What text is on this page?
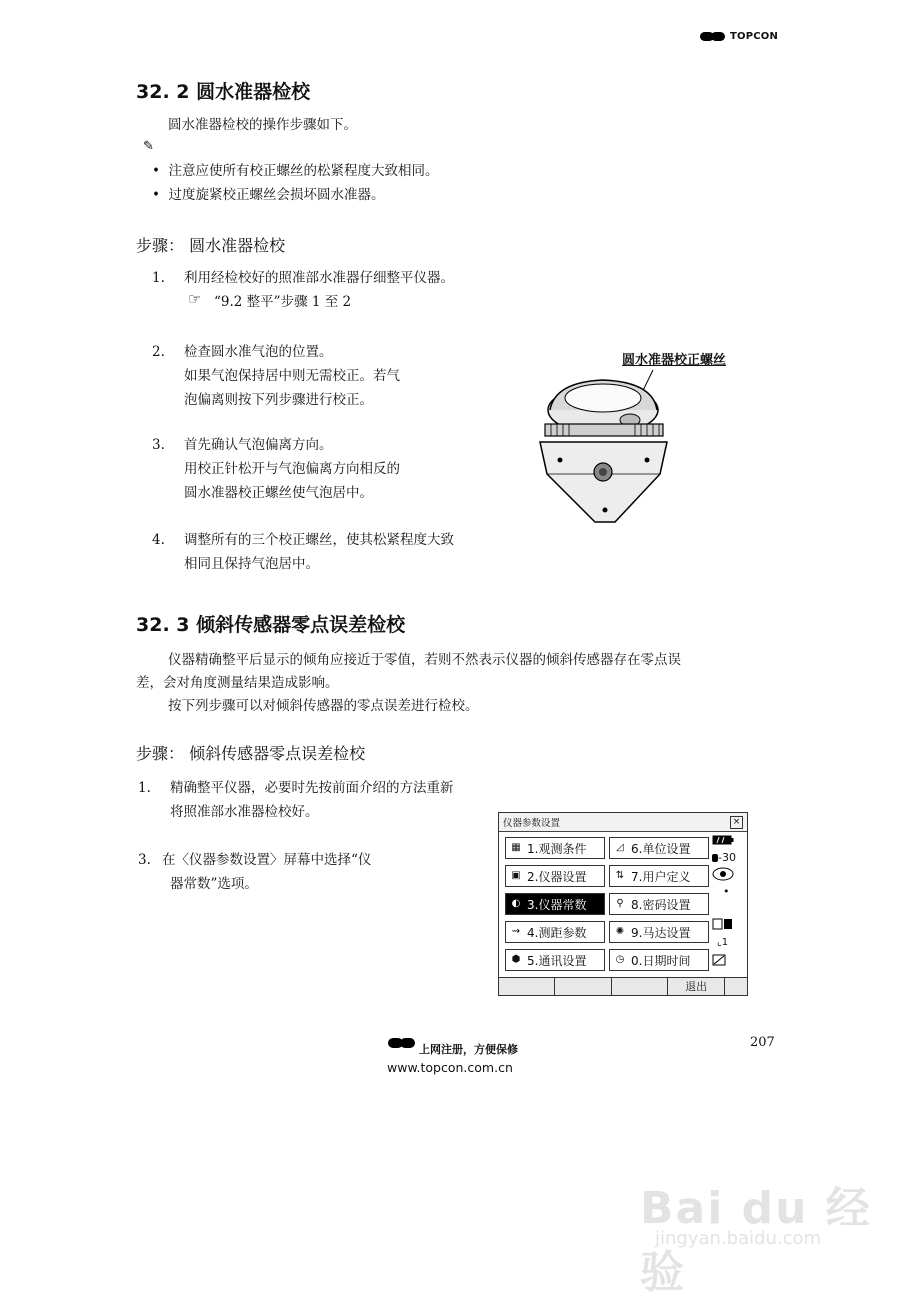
TOPCON
32. 2 圆水准器检校
圆水准器检校的操作步骤如下。
✎
•  注意应使所有校正螺丝的松紧程度大致相同。
•  过度旋紧校正螺丝会损坏圆水准器。
步骤： 圆水准器检校
1. 利用经检校好的照准部水准器仔细整平仪器。
☞ “9.2 整平”步骤 1 至 2
2. 检查圆水准气泡的位置。
如果气泡保持居中则无需校正。若气
泡偏离则按下列步骤进行校正。
3. 首先确认气泡偏离方向。
用校正针松开与气泡偏离方向相反的
圆水准器校正螺丝使气泡居中。
4. 调整所有的三个校正螺丝，使其松紧程度大致
相同且保持气泡居中。
圆水准器校正螺丝
32. 3 倾斜传感器零点误差检校
仪器精确整平后显示的倾角应接近于零值，若则不然表示仪器的倾斜传感器存在零点误
差，会对角度测量结果造成影响。
按下列步骤可以对倾斜传感器的零点误差进行检校。
步骤： 倾斜传感器零点误差检校
1. 精确整平仪器，必要时先按前面介绍的方法重新
将照准部水准器检校好。
3. 在〈仪器参数设置〉屏幕中选择“仪
器常数”选项。
仪器参数设置	×
▦ 1.观测条件	◿ 6.单位设置
▣ 2.仪器设置	⇅ 7.用户定义
◐ 3.仪器常数	⚲ 8.密码设置
⇝ 4.测距参数	✺ 9.马达设置
⬢ 5.通讯设置	◷ 0.日期时间
-30
•
⌞1
退出
上网注册，方便保修
www.topcon.com.cn
207
Bai du 经验
jingyan.baidu.com
